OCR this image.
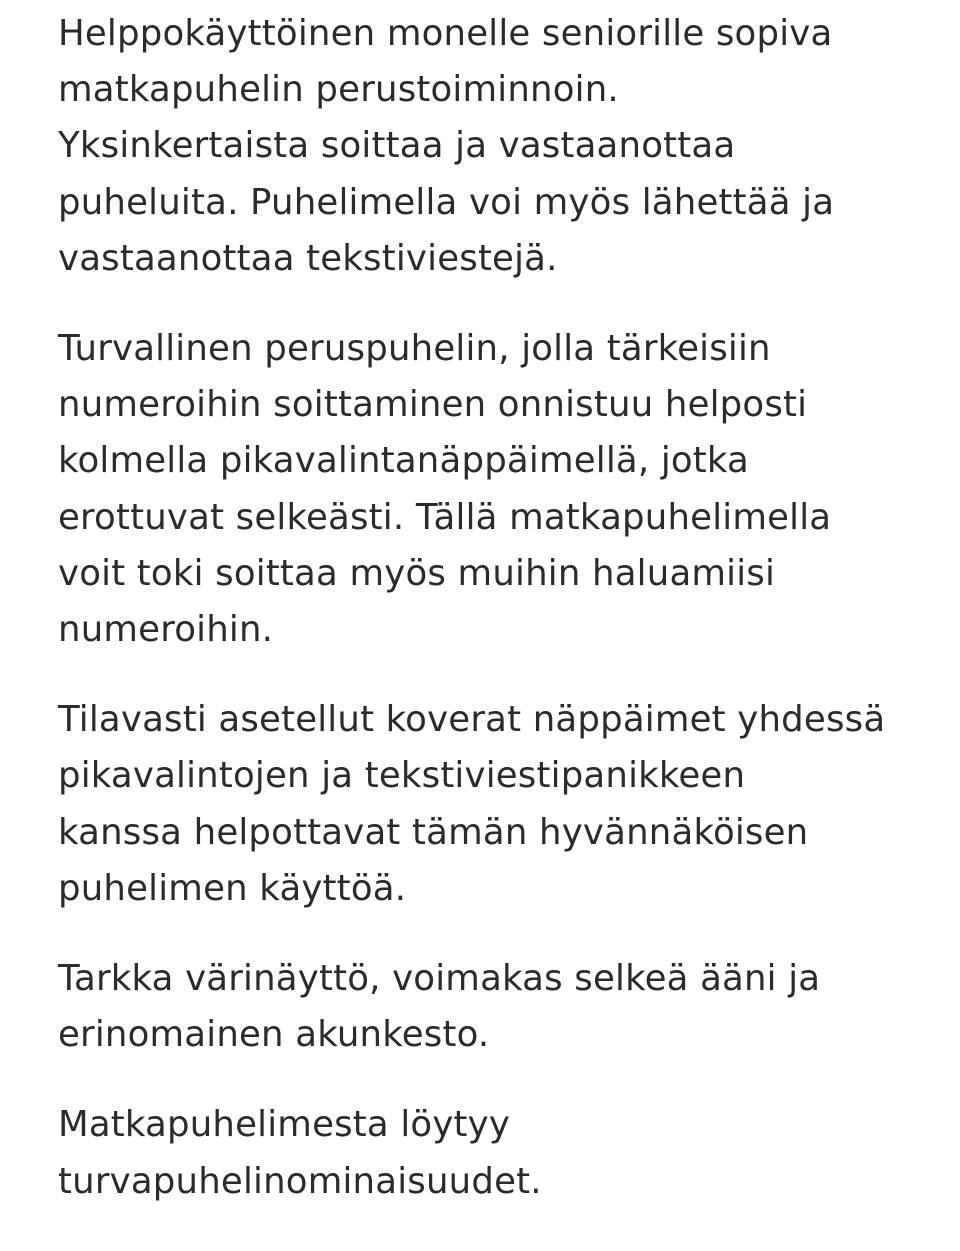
Helppokäyttöinen monelle seniorille sopiva
matkapuhelin perustoiminnoin.
Yksinkertaista soittaa ja vastaanottaa
puheluita. Puhelimella voi myös lähettää ja
vastaanottaa tekstiviestejä.

Turvallinen peruspuhelin, jolla tärkeisiin
numeroihin soittaminen onnistuu helposti
kolmella pikavalintanäppäimellä, jotka
erottuvat selkeästi. Tällä matkapuhelimella
voit toki soittaa myös muihin haluamiisi
numeroihin.

Tilavasti asetellut koverat näppäimet yhdessä
pikavalintojen ja tekstiviestipanikkeen
kanssa helpottavat tämän hyvännäköisen
puhelimen käyttöä.

Tarkka värinäyttö, voimakas selkeä ääni ja
erinomainen akunkesto.

Matkapuhelimesta löytyy
turvapuhelinominaisuudet.
